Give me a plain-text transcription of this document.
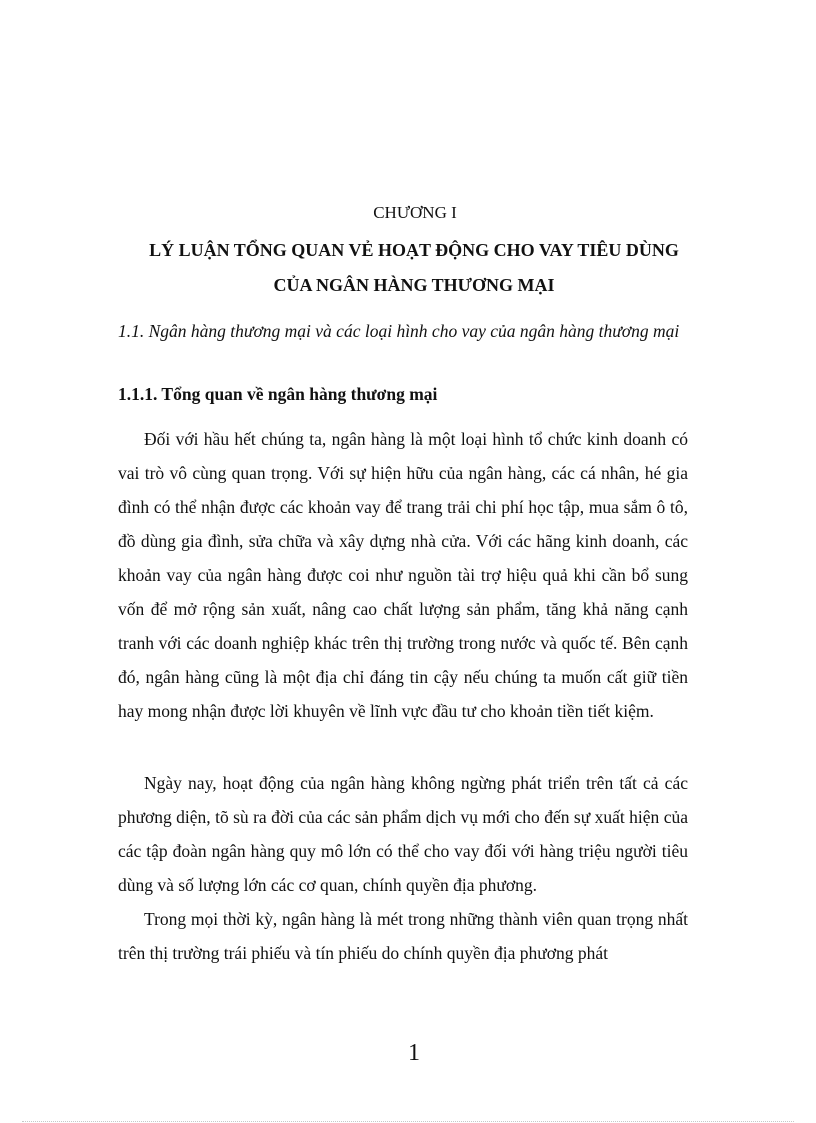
CHƯƠNG I
LÝ LUẬN TỔNG QUAN VẺ HOẠT ĐỘNG CHO VAY TIÊU DÙNG
CỦA NGÂN HÀNG THƯƠNG MẠI
1.1. Ngân hàng thương mại và các loại hình cho vay của ngân hàng thương mại
1.1.1. Tổng quan về ngân hàng thương mại

Đối với hầu hết chúng ta, ngân hàng là một loại hình tổ chức kinh doanh có vai trò vô cùng quan trọng. Với sự hiện hữu của ngân hàng, các cá nhân, hé gia đình có thể nhận được các khoản vay để trang trải chi phí học tập, mua sắm ô tô, đồ dùng gia đình, sửa chữa và xây dựng nhà cửa. Với các hãng kinh doanh, các khoản vay của ngân hàng được coi như nguồn tài trợ hiệu quả khi cần bổ sung vốn để mở rộng sản xuất, nâng cao chất lượng sản phẩm, tăng khả năng cạnh tranh với các doanh nghiệp khác trên thị trường trong nước và quốc tế. Bên cạnh đó, ngân hàng cũng là một địa chỉ đáng tin cậy nếu chúng ta muốn cất giữ tiền hay mong nhận được lời khuyên về lĩnh vực đầu tư cho khoản tiền tiết kiệm.

Ngày nay, hoạt động của ngân hàng không ngừng phát triển trên tất cả các phương diện, tõ sù ra đời của các sản phẩm dịch vụ mới cho đến sự xuất hiện của các tập đoàn ngân hàng quy mô lớn có thể cho vay đối với hàng triệu người tiêu dùng và số lượng lớn các cơ quan, chính quyền địa phương.

Trong mọi thời kỳ, ngân hàng là mét trong những thành viên quan trọng nhất trên thị trường trái phiếu và tín phiếu do chính quyền địa phương phát

1
